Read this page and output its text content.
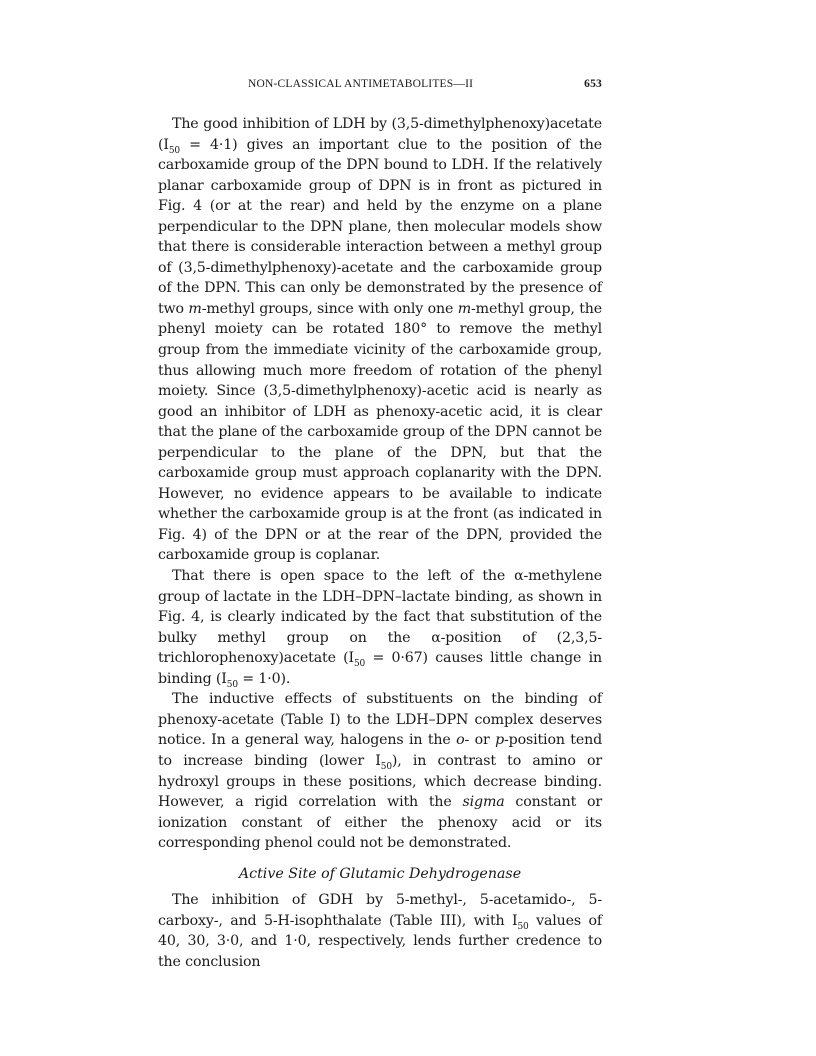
NON-CLASSICAL ANTIMETABOLITES—II	653

The good inhibition of LDH by (3,5-dimethylphenoxy)acetate $(I_{50} = 4\cdot 1)$ gives an important clue to the position of the carboxamide group of the DPN bound to LDH. If the relatively planar carboxamide group of DPN is in front as pictured in Fig. 4 (or at the rear) and held by the enzyme on a plane perpendicular to the DPN plane, then molecular models show that there is considerable interaction between a methyl group of (3,5-dimethylphenoxy)-acetate and the carboxamide group of the DPN. This can only be demonstrated by the presence of two m-methyl groups, since with only one m-methyl group, the phenyl moiety can be rotated 180° to remove the methyl group from the immediate vicinity of the carboxamide group, thus allowing much more freedom of rotation of the phenyl moiety. Since (3,5-dimethylphenoxy)-acetic acid is nearly as good an inhibitor of LDH as phenoxy-acetic acid, it is clear that the plane of the carboxamide group of the DPN cannot be perpendicular to the plane of the DPN, but that the carboxamide group must approach coplanarity with the DPN. However, no evidence appears to be available to indicate whether the carboxamide group is at the front (as indicated in Fig. 4) of the DPN or at the rear of the DPN, provided the carboxamide group is coplanar.

That there is open space to the left of the α-methylene group of lactate in the LDH–DPN–lactate binding, as shown in Fig. 4, is clearly indicated by the fact that substitution of the bulky methyl group on the α-position of (2,3,5-trichlorophenoxy)acetate $(I_{50} = 0\cdot 67)$ causes little change in binding $(I_{50} = 1\cdot 0)$.

The inductive effects of substituents on the binding of phenoxy-acetate (Table I) to the LDH–DPN complex deserves notice. In a general way, halogens in the o- or p-position tend to increase binding (lower $I_{50}$), in contrast to amino or hydroxyl groups in these positions, which decrease binding. However, a rigid correlation with the sigma constant or ionization constant of either the phenoxy acid or its corresponding phenol could not be demonstrated.

Active Site of Glutamic Dehydrogenase

The inhibition of GDH by 5-methyl-, 5-acetamido-, 5-carboxy-, and 5-H-isophthalate (Table III), with $I_{50}$ values of 40, 30, 3·0, and 1·0, respectively, lends further credence to the conclusion
